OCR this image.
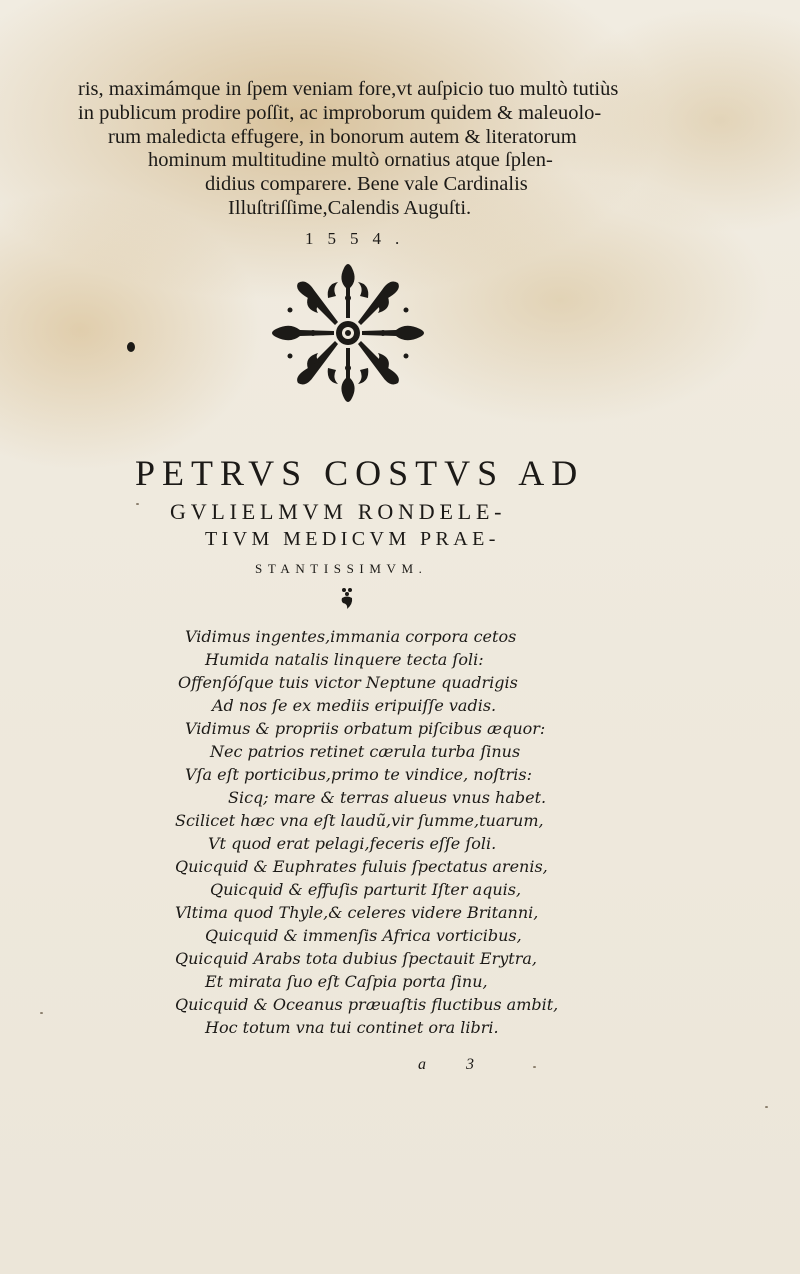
ris, maximámque in ſpem veniam fore,vt auſpicio tuo multò tutiùs
in publicum prodire poſſit, ac improborum quidem & maleuolo-
rum maledicta effugere, in bonorum autem & literatorum
hominum multitudine multò ornatius atque ſplen-
didius comparere. Bene vale Cardinalis
Illuſtriſſime,Calendis Auguſti.
1554.
PETRVS COSTVS AD
GVLIELMVM RONDELE-
TIVM MEDICVM PRAE-
STANTISSIMVM.
Vidimus ingentes,immania corpora cetos
Humida natalis linquere tecta ſoli:
Offenſóſque tuis victor Neptune quadrigis
Ad nos ſe ex mediis eripuiſſe vadis.
Vidimus & propriis orbatum piſcibus æquor:
Nec patrios retinet cærula turba ſinus
Vſa eſt porticibus,primo te vindice, noſtris:
Sicq; mare & terras alueus vnus habet.
Scilicet hæc vna eſt laudũ,vir ſumme,tuarum,
Vt quod erat pelagi,feceris eſſe ſoli.
Quicquid & Euphrates fuluis ſpectatus arenis,
Quicquid & effuſis parturit Iſter aquis,
Vltima quod Thyle,& celeres videre Britanni,
Quicquid & immenſis Africa vorticibus,
Quicquid Arabs tota dubius ſpectauit Erytra,
Et mirata ſuo eſt Caſpia porta ſinu,
Quicquid & Oceanus præuaſtis fluctibus ambit,
Hoc totum vna tui continet ora libri.
a 3
